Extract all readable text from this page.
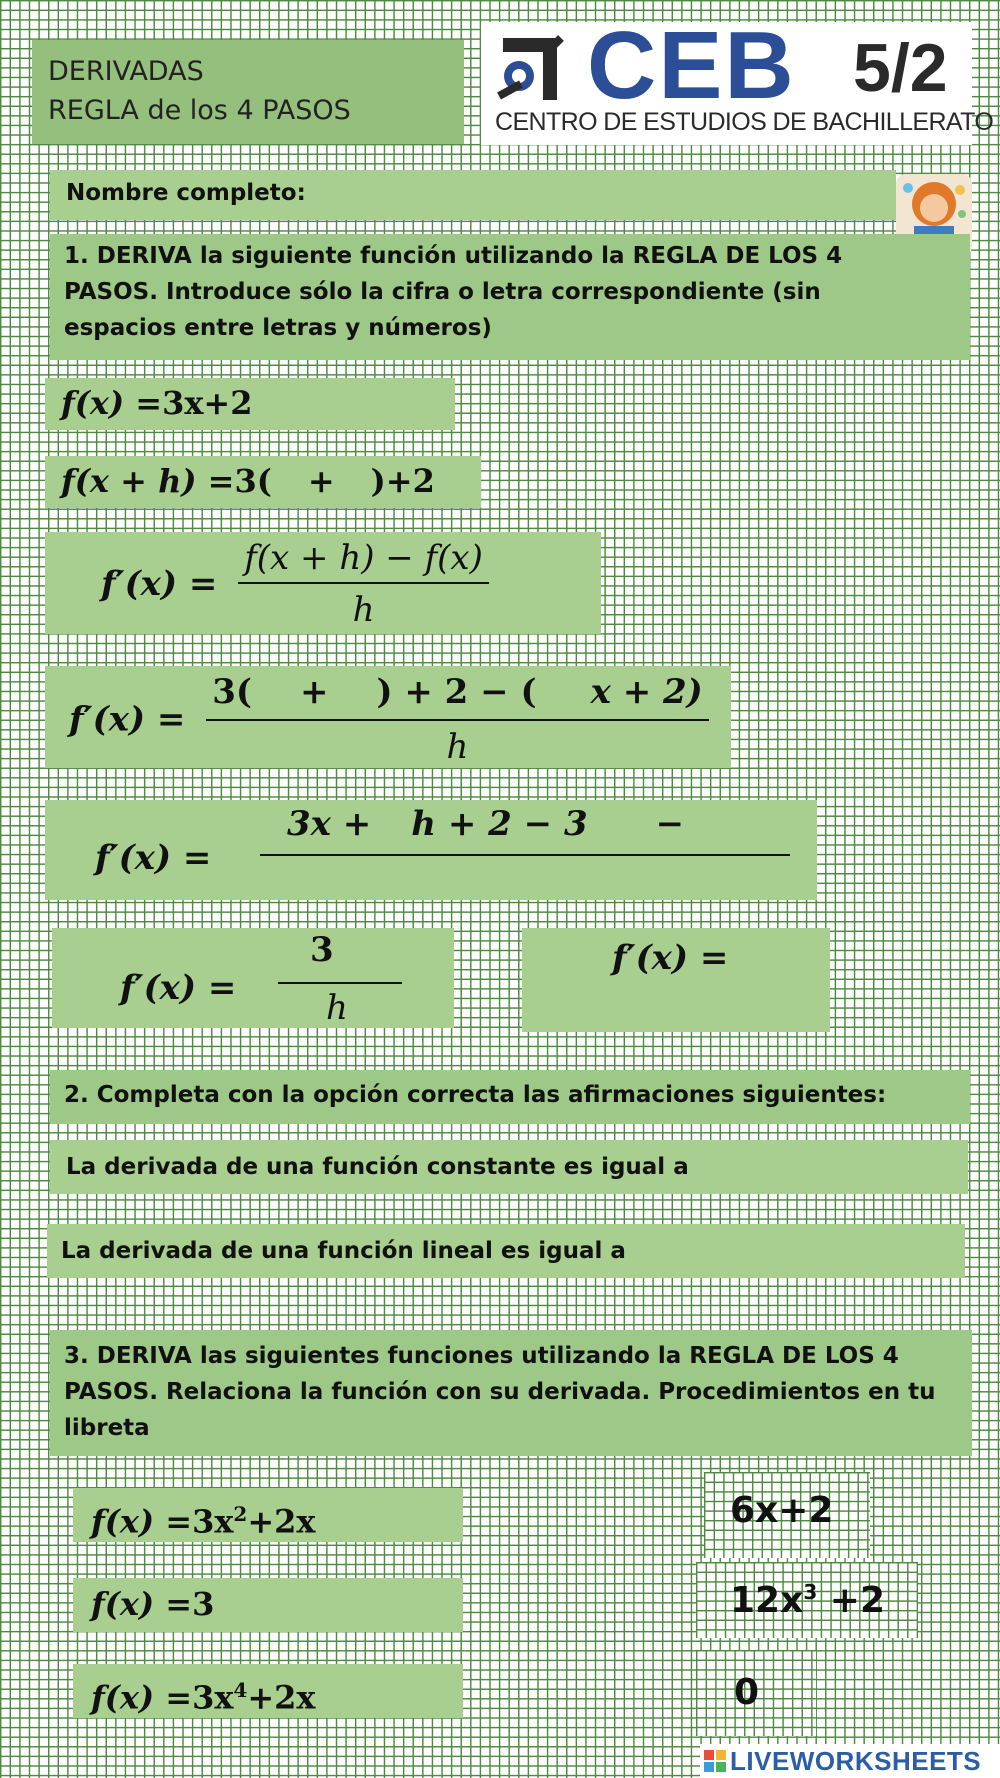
DERIVADAS
REGLA de los 4 PASOS	CEB 5/2
CENTRO DE ESTUDIOS DE BACHILLERATO
Nombre completo:
1. DERIVA la siguiente función utilizando la REGLA DE LOS 4 PASOS. Introduce sólo la cifra o letra correspondiente (sin espacios entre letras y números)
f(x) =3x+2
f(x + h) =3( + )+2
$f'(x) = \frac{f(x + h) - f(x)}{h}$
$f'(x) = \frac{3( + ) + 2 - ( x + 2)}{h}$
f′(x) =
3x + h + 2 − 3 −
f′(x) =
3
h
f′(x) =
2. Completa con la opción correcta las afirmaciones siguientes:
La derivada de una función constante es igual a
La derivada de una función lineal es igual a
3. DERIVA las siguientes funciones utilizando la REGLA DE LOS 4 PASOS. Relaciona la función con su derivada. Procedimientos en tu libreta
$f(x) =3x^2+2x$
f(x) =3
$f(x) =3x^4+2x$
6x+2
$12x^3 +2$
0
LIVEWORKSHEETS
